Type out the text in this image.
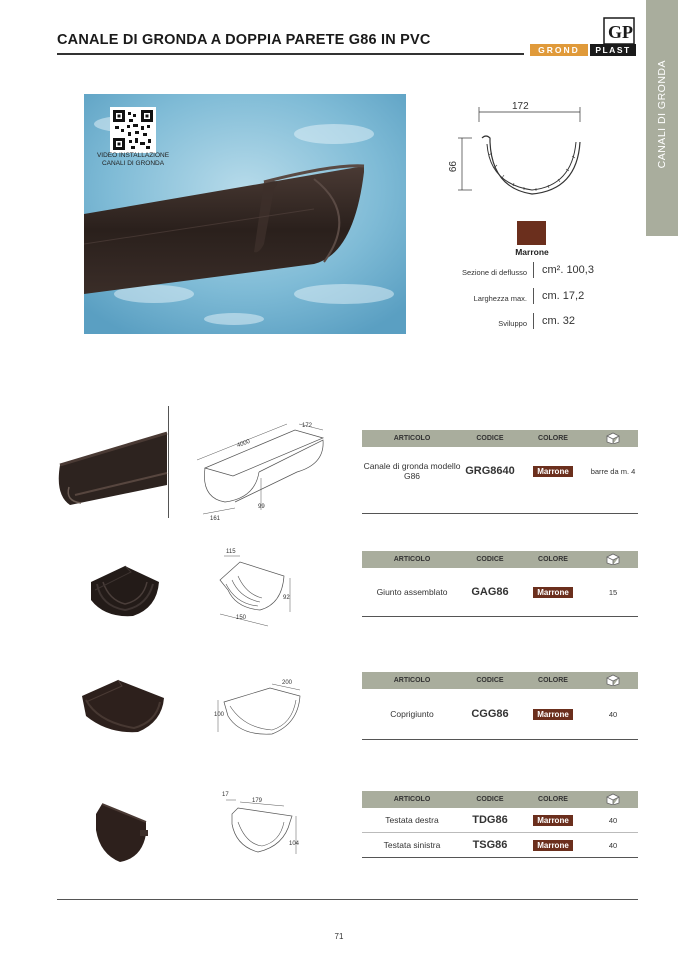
CANALE DI GRONDA A DOPPIA PARETE G86 IN PVC	GP
GROND	PLAST
CANALI DI GRONDA
VIDEO INSTALLAZIONE
CANALI DI GRONDA
172
99
Marrone
Sezione di deflusso cm². 100,3
Larghezza max. cm. 17,2
Sviluppo cm. 32
172
4000
99
161
ARTICOLO	CODICE	COLORE
Canale di gronda modello G86	GRG8640	Marrone	barre da m. 4
115
92
150
ARTICOLO	CODICE	COLORE
Giunto assemblato	GAG86	Marrone	15
200
100
ARTICOLO	CODICE	COLORE
Coprigiunto	CGG86	Marrone	40
17
179
104
ARTICOLO	CODICE	COLORE
Testata destra	TDG86	Marrone	40
Testata sinistra	TSG86	Marrone	40
71
